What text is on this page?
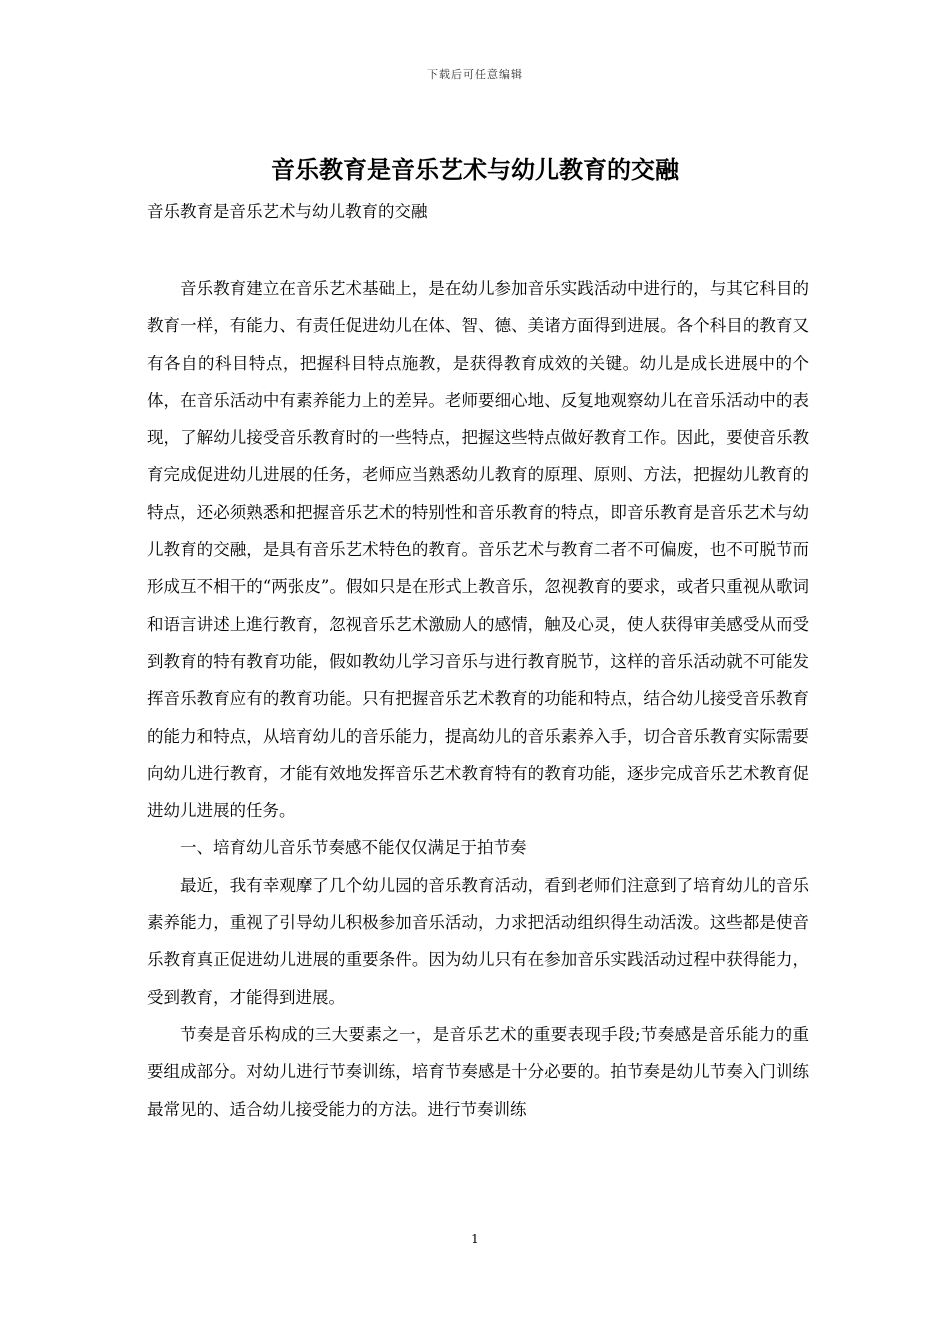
下载后可任意编辑
音乐教育是音乐艺术与幼儿教育的交融

音乐教育是音乐艺术与幼儿教育的交融

音乐教育建立在音乐艺术基础上，是在幼儿参加音乐实践活动中进行的，与其它科目的教育一样，有能力、有责任促进幼儿在体、智、德、美诸方面得到进展。各个科目的教育又有各自的科目特点，把握科目特点施教，是获得教育成效的关键。幼儿是成长进展中的个体，在音乐活动中有素养能力上的差异。老师要细心地、反复地观察幼儿在音乐活动中的表现，了解幼儿接受音乐教育时的一些特点，把握这些特点做好教育工作。因此，要使音乐教育完成促进幼儿进展的任务，老师应当熟悉幼儿教育的原理、原则、方法，把握幼儿教育的特点，还必须熟悉和把握音乐艺术的特别性和音乐教育的特点，即音乐教育是音乐艺术与幼儿教育的交融，是具有音乐艺术特色的教育。音乐艺术与教育二者不可偏废，也不可脱节而形成互不相干的“两张皮”。假如只是在形式上教音乐，忽视教育的要求，或者只重视从歌词和语言讲述上進行教育，忽视音乐艺术激励人的感情，触及心灵，使人获得审美感受从而受到教育的特有教育功能，假如教幼儿学习音乐与进行教育脱节，这样的音乐活动就不可能发挥音乐教育应有的教育功能。只有把握音乐艺术教育的功能和特点，结合幼儿接受音乐教育的能力和特点，从培育幼儿的音乐能力，提高幼儿的音乐素养入手，切合音乐教育实际需要向幼儿进行教育，才能有效地发挥音乐艺术教育特有的教育功能，逐步完成音乐艺术教育促进幼儿进展的任务。

一、培育幼儿音乐节奏感不能仅仅满足于拍节奏

最近，我有幸观摩了几个幼儿园的音乐教育活动，看到老师们注意到了培育幼儿的音乐素养能力，重视了引导幼儿积极参加音乐活动，力求把活动组织得生动活泼。这些都是使音乐教育真正促进幼儿进展的重要条件。因为幼儿只有在参加音乐实践活动过程中获得能力，受到教育，才能得到进展。

节奏是音乐构成的三大要素之一，是音乐艺术的重要表现手段;节奏感是音乐能力的重要组成部分。对幼儿进行节奏训练，培育节奏感是十分必要的。拍节奏是幼儿节奏入门训练最常见的、适合幼儿接受能力的方法。进行节奏训练

1
